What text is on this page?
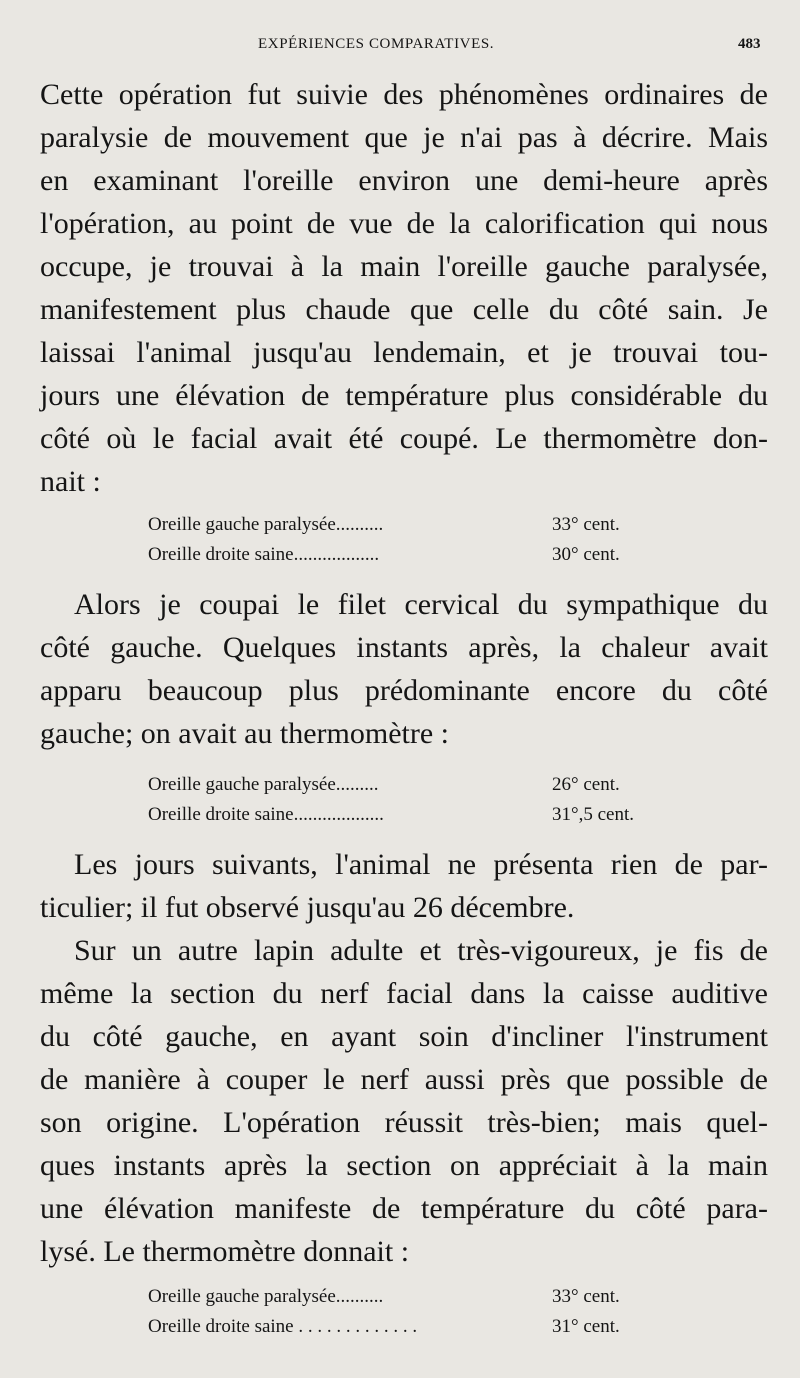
EXPÉRIENCES COMPARATIVES.	483
Cette opération fut suivie des phénomènes ordinaires de
paralysie de mouvement que je n'ai pas à décrire. Mais
en examinant l'oreille environ une demi-heure après
l'opération, au point de vue de la calorification qui nous
occupe, je trouvai à la main l'oreille gauche paralysée,
manifestement plus chaude que celle du côté sain. Je
laissai l'animal jusqu'au lendemain, et je trouvai tou-
jours une élévation de température plus considérable du
côté où le facial avait été coupé. Le thermomètre don-
nait :
Oreille gauche paralysée..........	33° cent.
Oreille droite saine..................	30° cent.
Alors je coupai le filet cervical du sympathique du
côté gauche. Quelques instants après, la chaleur avait
apparu beaucoup plus prédominante encore du côté
gauche; on avait au thermomètre :
Oreille gauche paralysée.........	26° cent.
Oreille droite saine...................	31°,5 cent.
Les jours suivants, l'animal ne présenta rien de par-
ticulier; il fut observé jusqu'au 26 décembre.
Sur un autre lapin adulte et très-vigoureux, je fis de
même la section du nerf facial dans la caisse auditive
du côté gauche, en ayant soin d'incliner l'instrument
de manière à couper le nerf aussi près que possible de
son origine. L'opération réussit très-bien; mais quel-
ques instants après la section on appréciait à la main
une élévation manifeste de température du côté para-
lysé. Le thermomètre donnait :
Oreille gauche paralysée..........	33° cent.
Oreille droite saine . . . . . . . . . . . . .	31° cent.
